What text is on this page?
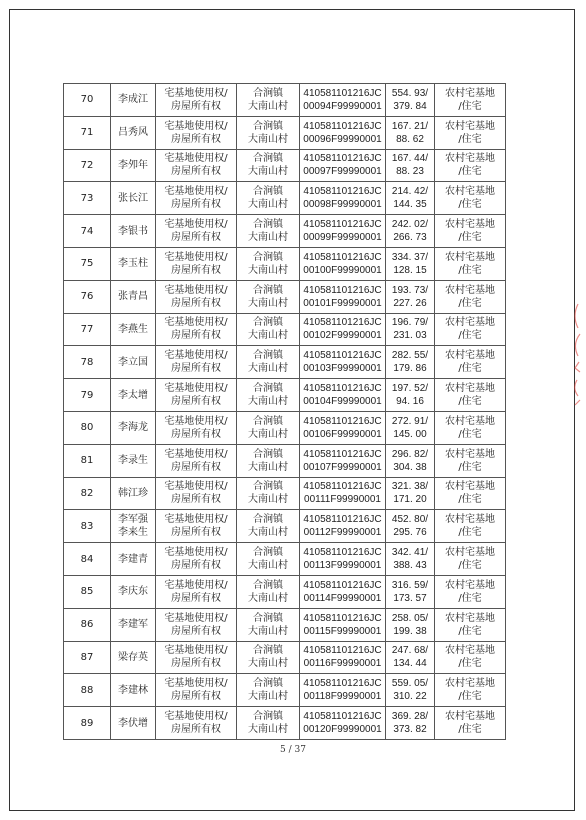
70	李成江	宅基地使用权/
房屋所有权	合涧镇
大南山村	410581101216JC
00094F99990001	554. 93/
379. 84	农村宅基地
/住宅

71	吕秀风	宅基地使用权/
房屋所有权	合涧镇
大南山村	410581101216JC
00096F99990001	167. 21/
88. 62	农村宅基地
/住宅

72	李夘年	宅基地使用权/
房屋所有权	合涧镇
大南山村	410581101216JC
00097F99990001	167. 44/
88. 23	农村宅基地
/住宅

73	张长江	宅基地使用权/
房屋所有权	合涧镇
大南山村	410581101216JC
00098F99990001	214. 42/
144. 35	农村宅基地
/住宅

74	李银书	宅基地使用权/
房屋所有权	合涧镇
大南山村	410581101216JC
00099F99990001	242. 02/
266. 73	农村宅基地
/住宅

75	李玉柱	宅基地使用权/
房屋所有权	合涧镇
大南山村	410581101216JC
00100F99990001	334. 37/
128. 15	农村宅基地
/住宅

76	张青昌	宅基地使用权/
房屋所有权	合涧镇
大南山村	410581101216JC
00101F99990001	193. 73/
227. 26	农村宅基地
/住宅

77	李燕生	宅基地使用权/
房屋所有权	合涧镇
大南山村	410581101216JC
00102F99990001	196. 79/
231. 03	农村宅基地
/住宅

78	李立国	宅基地使用权/
房屋所有权	合涧镇
大南山村	410581101216JC
00103F99990001	282. 55/
179. 86	农村宅基地
/住宅

79	李太增	宅基地使用权/
房屋所有权	合涧镇
大南山村	410581101216JC
00104F99990001	197. 52/
94. 16	农村宅基地
/住宅

80	李海龙	宅基地使用权/
房屋所有权	合涧镇
大南山村	410581101216JC
00106F99990001	272. 91/
145. 00	农村宅基地
/住宅

81	李录生	宅基地使用权/
房屋所有权	合涧镇
大南山村	410581101216JC
00107F99990001	296. 82/
304. 38	农村宅基地
/住宅

82	韩江珍	宅基地使用权/
房屋所有权	合涧镇
大南山村	410581101216JC
00111F99990001	321. 38/
171. 20	农村宅基地
/住宅

83	李军强
李来生	宅基地使用权/
房屋所有权	合涧镇
大南山村	410581101216JC
00112F99990001	452. 80/
295. 76	农村宅基地
/住宅

84	李建青	宅基地使用权/
房屋所有权	合涧镇
大南山村	410581101216JC
00113F99990001	342. 41/
388. 43	农村宅基地
/住宅

85	李庆东	宅基地使用权/
房屋所有权	合涧镇
大南山村	410581101216JC
00114F99990001	316. 59/
173. 57	农村宅基地
/住宅

86	李建军	宅基地使用权/
房屋所有权	合涧镇
大南山村	410581101216JC
00115F99990001	258. 05/
199. 38	农村宅基地
/住宅

87	梁存英	宅基地使用权/
房屋所有权	合涧镇
大南山村	410581101216JC
00116F99990001	247. 68/
134. 44	农村宅基地
/住宅

88	李建林	宅基地使用权/
房屋所有权	合涧镇
大南山村	410581101216JC
00118F99990001	559. 05/
310. 22	农村宅基地
/住宅

89	李伏增	宅基地使用权/
房屋所有权	合涧镇
大南山村	410581101216JC
00120F99990001	369. 28/
373. 82	农村宅基地
/住宅
5 / 37
